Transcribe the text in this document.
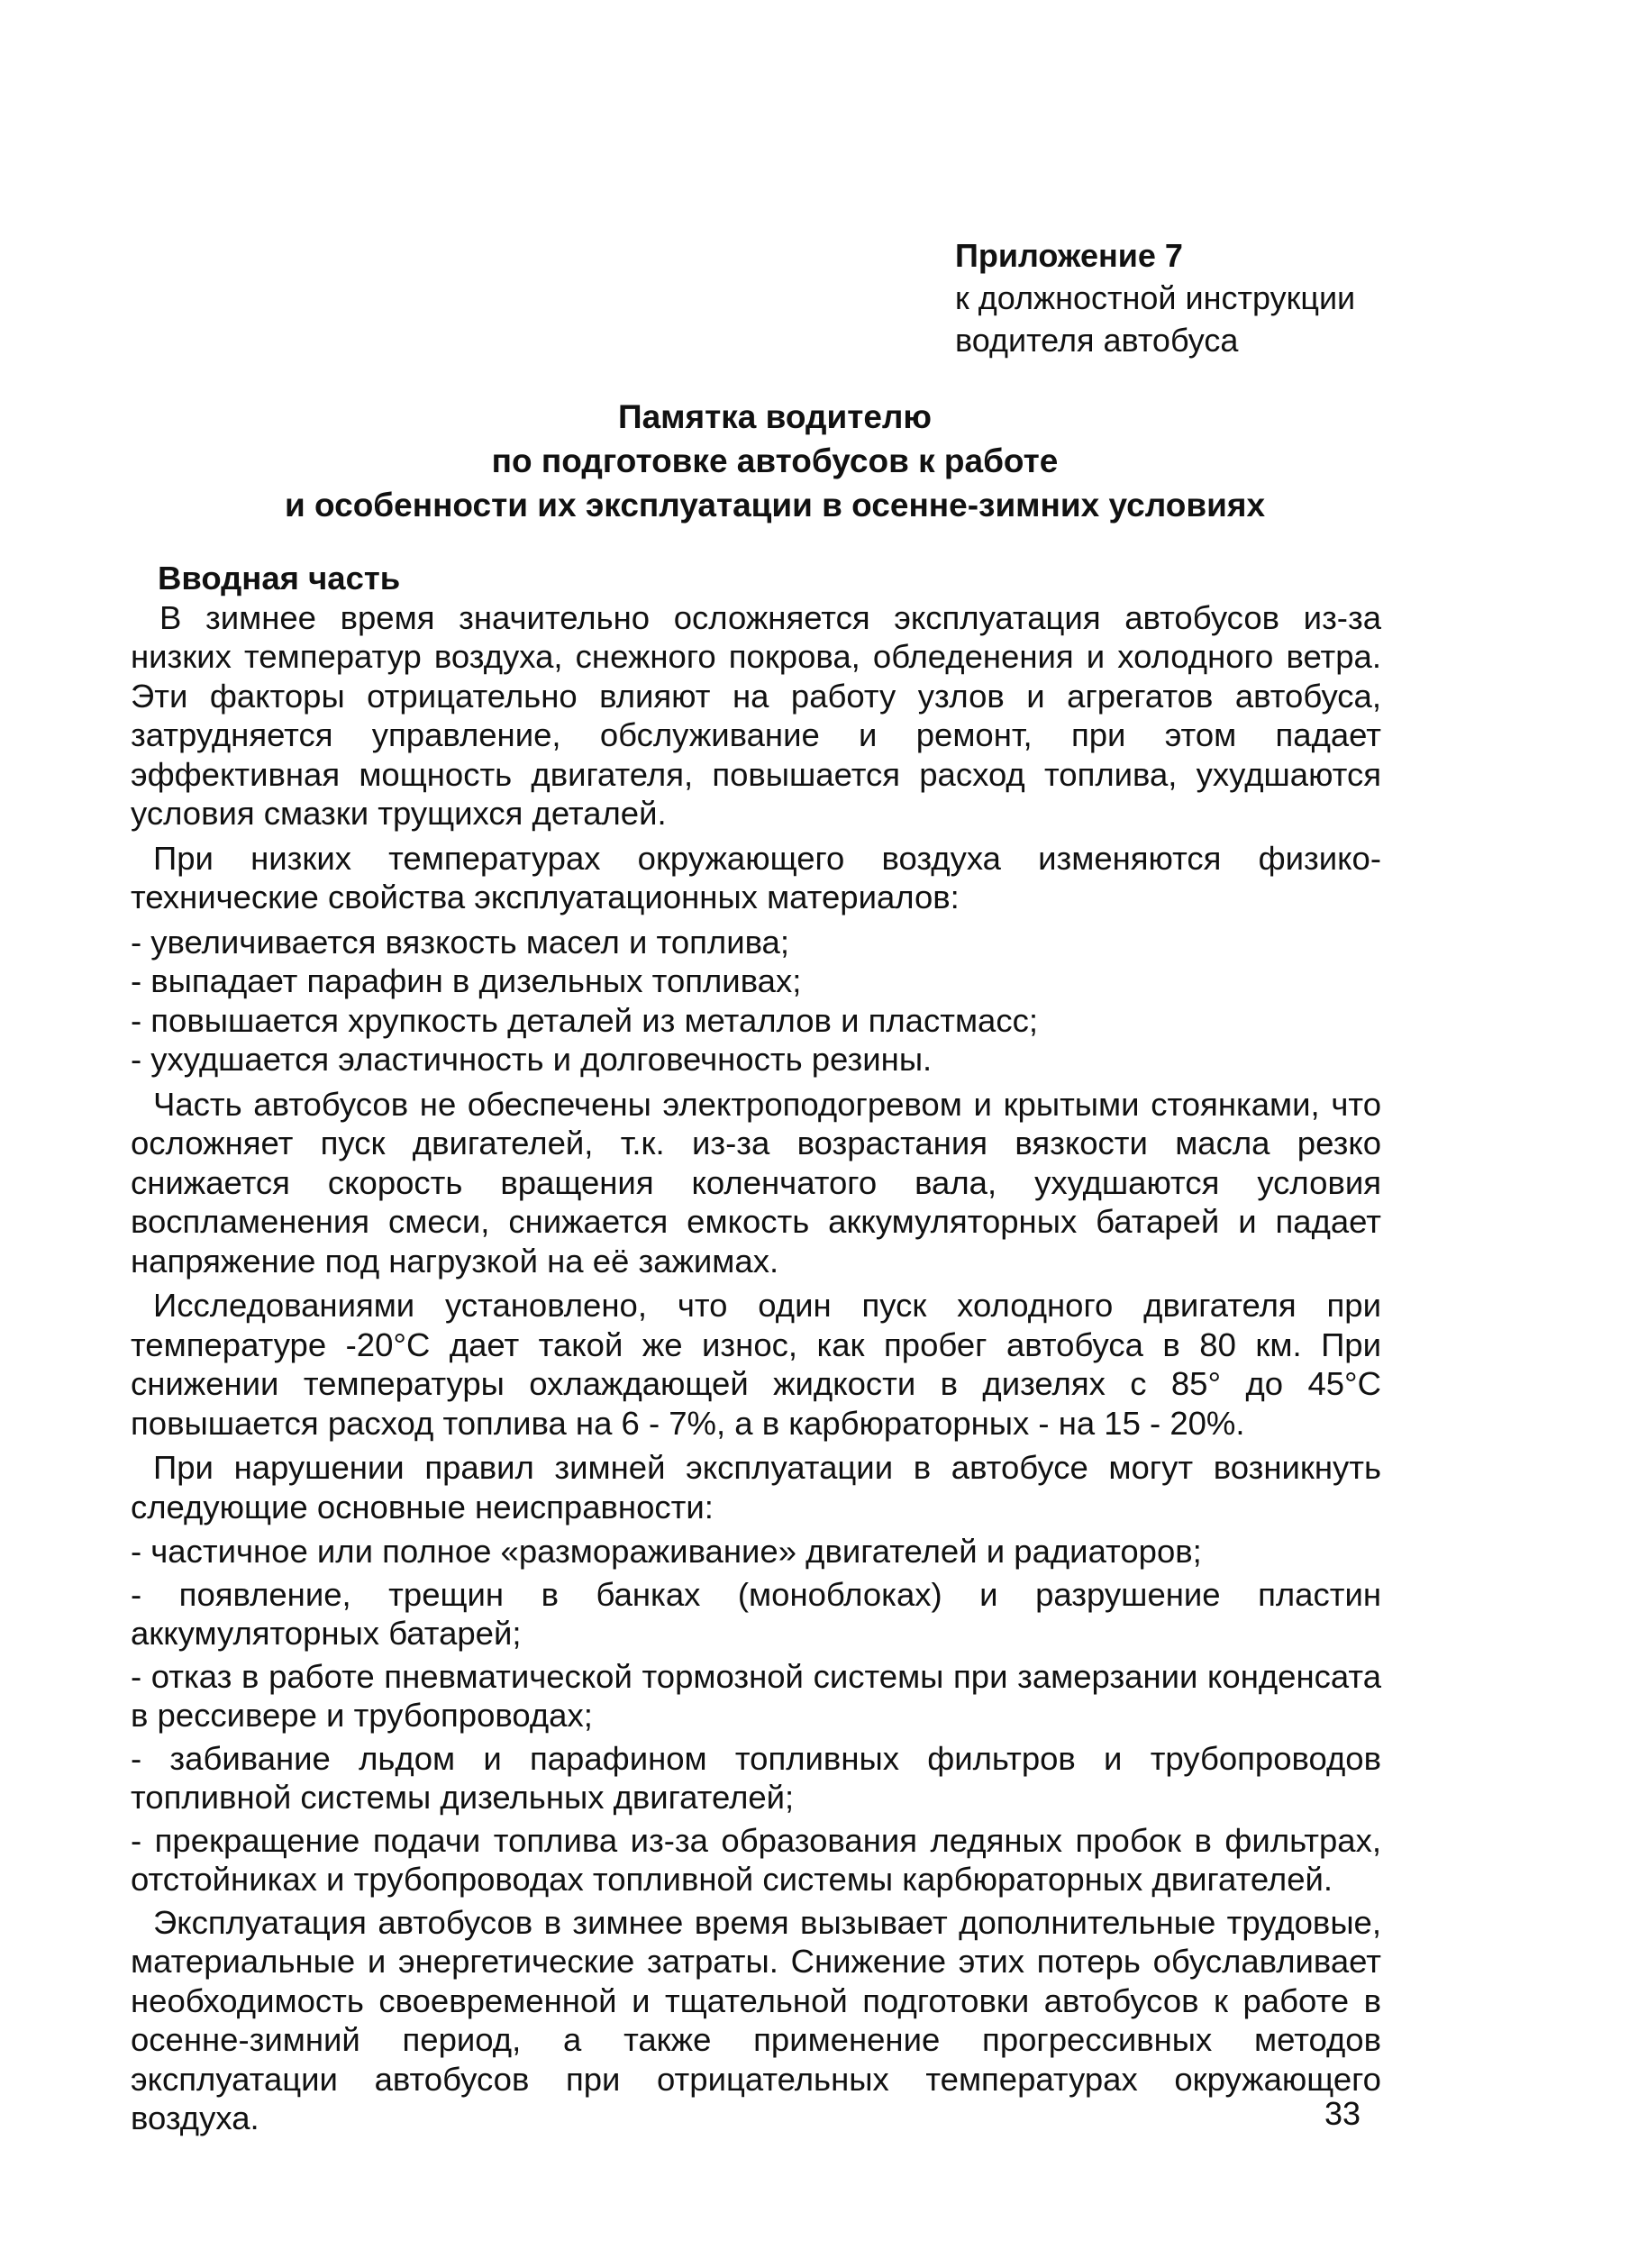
Приложение 7
к должностной инструкции
водителя автобуса
Памятка водителю
по подготовке автобусов к работе
и особенности их эксплуатации в осенне-зимних условиях
Вводная часть
В зимнее время значительно осложняется эксплуатация автобусов из-за низких температур воздуха, снежного покрова, обледенения и холодного ветра. Эти факторы отрицательно влияют на работу узлов и агрегатов автобуса, затрудняется управление, обслуживание и ремонт, при этом падает эффективная мощность двигателя, повышается расход топлива, ухудшаются условия смазки трущихся деталей.
При низких температурах окружающего воздуха изменяются физико-технические свойства эксплуатационных материалов:
- увеличивается вязкость масел и топлива;
- выпадает парафин в дизельных топливах;
- повышается хрупкость деталей из металлов и пластмасс;
- ухудшается эластичность и долговечность резины.
Часть автобусов не обеспечены электроподогревом и крытыми стоянками, что осложняет пуск двигателей, т.к. из-за возрастания вязкости масла резко снижается скорость вращения коленчатого вала, ухудшаются условия воспламенения смеси, снижается емкость аккумуляторных батарей и падает напряжение под нагрузкой на её зажимах.
Исследованиями установлено, что один пуск холодного двигателя при температуре -20°С дает такой же износ, как пробег автобуса в 80 км. При снижении температуры охлаждающей жидкости в дизелях с 85° до 45°С повышается расход топлива на 6 - 7%, а в карбюраторных - на 15 - 20%.
При нарушении правил зимней эксплуатации в автобусе могут возникнуть следующие основные неисправности:
- частичное или полное «размораживание» двигателей и радиаторов;
- появление, трещин в банках (моноблоках) и разрушение пластин аккумуляторных батарей;
- отказ в работе пневматической тормозной системы при замерзании конденсата в рессивере и трубопроводах;
- забивание льдом и парафином топливных фильтров и трубопроводов топливной системы дизельных двигателей;
- прекращение подачи топлива из-за образования ледяных пробок в фильтрах, отстойниках и трубопроводах топливной системы карбюраторных двигателей.
Эксплуатация автобусов в зимнее время вызывает дополнительные трудовые, материальные и энергетические затраты. Снижение этих потерь обуславливает необходимость своевременной и тщательной подготовки автобусов к работе в осенне-зимний период, а также применение прогрессивных методов эксплуатации автобусов при отрицательных температурах окружающего воздуха.	33
